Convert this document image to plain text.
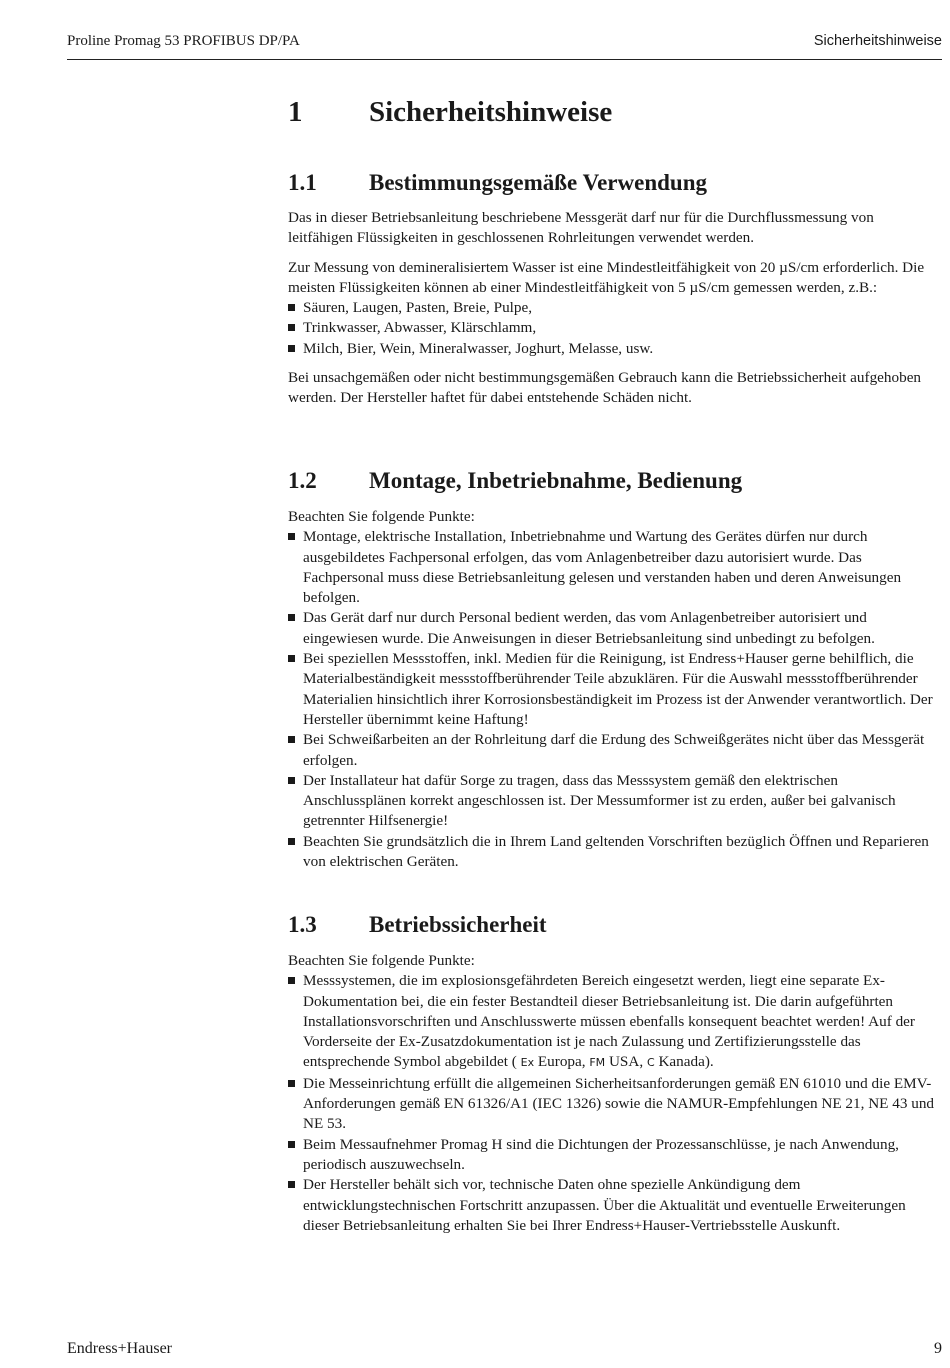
Proline Promag 53 PROFIBUS DP/PA	Sicherheitshinweise
1	Sicherheitshinweise
1.1	Bestimmungsgemäße Verwendung

Das in dieser Betriebsanleitung beschriebene Messgerät darf nur für die Durchflussmessung von leitfähigen Flüssigkeiten in geschlossenen Rohrleitungen verwendet werden.

Zur Messung von demineralisiertem Wasser ist eine Mindestleitfähigkeit von 20 µS/cm erforderlich. Die meisten Flüssigkeiten können ab einer Mindestleitfähigkeit von 5 µS/cm gemessen werden, z.B.:

Säuren, Laugen, Pasten, Breie, Pulpe,
Trinkwasser, Abwasser, Klärschlamm,
Milch, Bier, Wein, Mineralwasser, Joghurt, Melasse, usw.

Bei unsachgemäßen oder nicht bestimmungsgemäßen Gebrauch kann die Betriebssicherheit aufgehoben werden. Der Hersteller haftet für dabei entstehende Schäden nicht.

1.2	Montage, Inbetriebnahme, Bedienung

Beachten Sie folgende Punkte:

Montage, elektrische Installation, Inbetriebnahme und Wartung des Gerätes dürfen nur durch ausgebildetes Fachpersonal erfolgen, das vom Anlagenbetreiber dazu autorisiert wurde. Das Fachpersonal muss diese Betriebsanleitung gelesen und verstanden haben und deren Anweisungen befolgen.
Das Gerät darf nur durch Personal bedient werden, das vom Anlagenbetreiber autorisiert und eingewiesen wurde. Die Anweisungen in dieser Betriebsanleitung sind unbedingt zu befolgen.
Bei speziellen Messstoffen, inkl. Medien für die Reinigung, ist Endress+Hauser gerne behilflich, die Materialbeständigkeit messstoffberührender Teile abzuklären. Für die Auswahl messstoffberührender Materialien hinsichtlich ihrer Korrosionsbeständigkeit im Prozess ist der Anwender verantwortlich. Der Hersteller übernimmt keine Haftung!
Bei Schweißarbeiten an der Rohrleitung darf die Erdung des Schweißgerätes nicht über das Messgerät erfolgen.
Der Installateur hat dafür Sorge zu tragen, dass das Messsystem gemäß den elektrischen Anschlussplänen korrekt angeschlossen ist. Der Messumformer ist zu erden, außer bei galvanisch getrennter Hilfsenergie!
Beachten Sie grundsätzlich die in Ihrem Land geltenden Vorschriften bezüglich Öffnen und Reparieren von elektrischen Geräten.
1.3	Betriebssicherheit

Beachten Sie folgende Punkte:

Messsystemen, die im explosionsgefährdeten Bereich eingesetzt werden, liegt eine separate Ex-Dokumentation bei, die ein fester Bestandteil dieser Betriebsanleitung ist. Die darin aufgeführten Installationsvorschriften und Anschlusswerte müssen ebenfalls konsequent beachtet werden! Auf der Vorderseite der Ex-Zusatzdokumentation ist je nach Zulassung und Zertifizierungsstelle das entsprechende Symbol abgebildet ( Ex Europa, FM USA, C Kanada).
Die Messeinrichtung erfüllt die allgemeinen Sicherheitsanforderungen gemäß EN 61010 und die EMV-Anforderungen gemäß EN 61326/A1 (IEC 1326) sowie die NAMUR-Empfehlungen NE 21, NE 43 und NE 53.
Beim Messaufnehmer Promag H sind die Dichtungen der Prozessanschlüsse, je nach Anwendung, periodisch auszuwechseln.
Der Hersteller behält sich vor, technische Daten ohne spezielle Ankündigung dem entwicklungstechnischen Fortschritt anzupassen. Über die Aktualität und eventuelle Erweiterungen dieser Betriebsanleitung erhalten Sie bei Ihrer Endress+Hauser-Vertriebsstelle Auskunft.
Endress+Hauser	9
